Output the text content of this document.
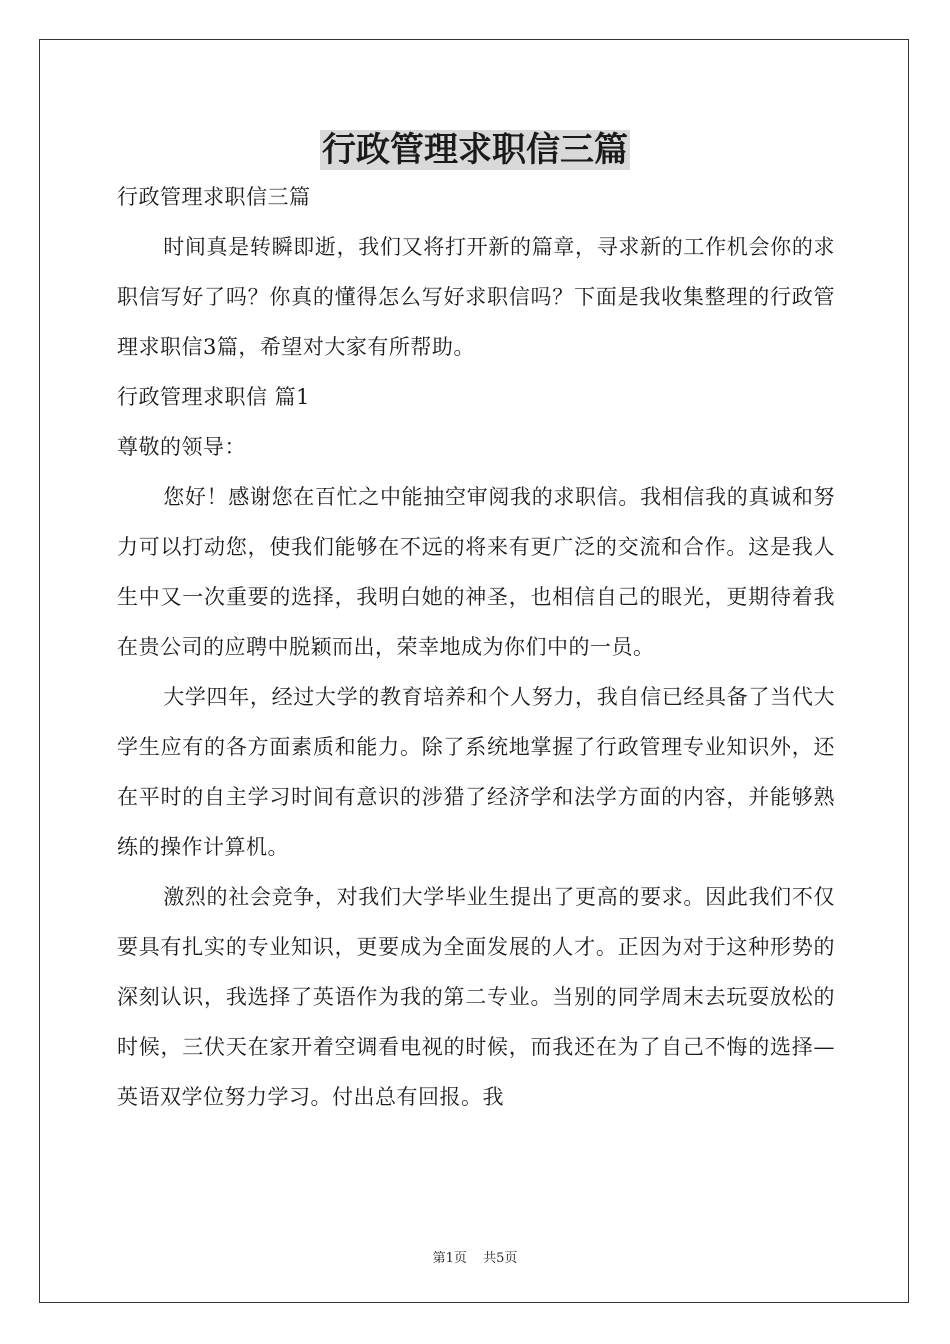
行政管理求职信三篇

行政管理求职信三篇

时间真是转瞬即逝，我们又将打开新的篇章，寻求新的工作机会你的求职信写好了吗？你真的懂得怎么写好求职信吗？下面是我收集整理的行政管理求职信3篇，希望对大家有所帮助。

行政管理求职信 篇1

尊敬的领导：

您好！感谢您在百忙之中能抽空审阅我的求职信。我相信我的真诚和努力可以打动您，使我们能够在不远的将来有更广泛的交流和合作。这是我人生中又一次重要的选择，我明白她的神圣，也相信自己的眼光，更期待着我在贵公司的应聘中脱颖而出，荣幸地成为你们中的一员。

大学四年，经过大学的教育培养和个人努力，我自信已经具备了当代大学生应有的各方面素质和能力。除了系统地掌握了行政管理专业知识外，还在平时的自主学习时间有意识的涉猎了经济学和法学方面的内容，并能够熟练的操作计算机。

激烈的社会竞争，对我们大学毕业生提出了更高的要求。因此我们不仅要具有扎实的专业知识，更要成为全面发展的人才。正因为对于这种形势的深刻认识，我选择了英语作为我的第二专业。当别的同学周末去玩耍放松的时候，三伏天在家开着空调看电视的时候，而我还在为了自己不悔的选择—英语双学位努力学习。付出总有回报。我

第1页 共5页
